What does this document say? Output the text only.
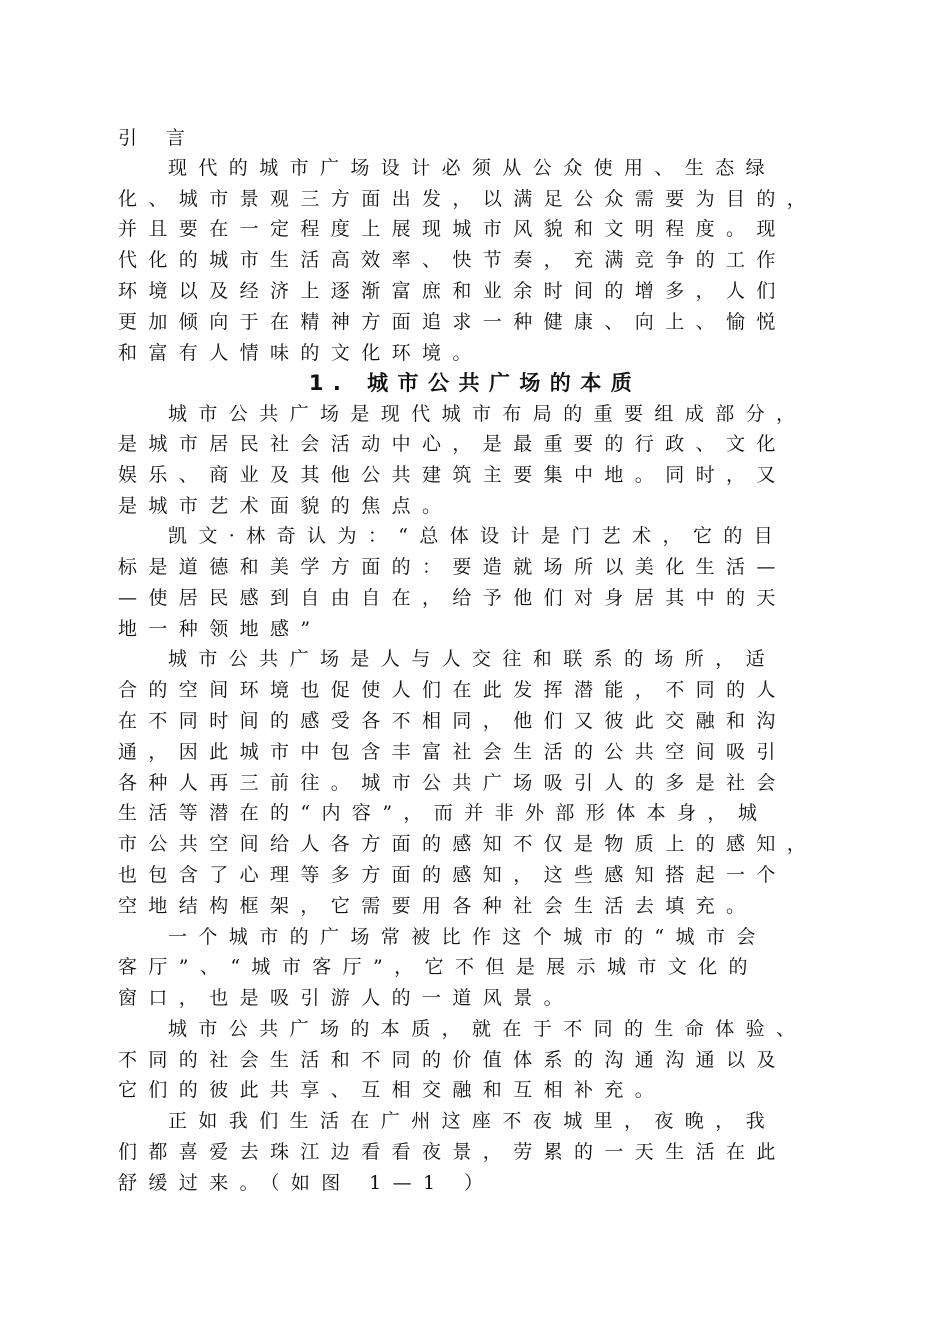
引 言
现代的城市广场设计必须从公众使用、生态绿
化、城市景观三方面出发，以满足公众需要为目的，
并且要在一定程度上展现城市风貌和文明程度。现
代化的城市生活高效率、快节奏，充满竞争的工作
环境以及经济上逐渐富庶和业余时间的增多，人们
更加倾向于在精神方面追求一种健康、向上、愉悦
和富有人情味的文化环境。
1. 城市公共广场的本质
城市公共广场是现代城市布局的重要组成部分，
是城市居民社会活动中心，是最重要的行政、文化
娱乐、商业及其他公共建筑主要集中地。同时，又
是城市艺术面貌的焦点。
凯文·林奇认为：“总体设计是门艺术，它的目
标是道德和美学方面的：要造就场所以美化生活—
—使居民感到自由自在，给予他们对身居其中的天
地一种领地感”
城市公共广场是人与人交往和联系的场所，适
合的空间环境也促使人们在此发挥潜能，不同的人
在不同时间的感受各不相同，他们又彼此交融和沟
通，因此城市中包含丰富社会生活的公共空间吸引
各种人再三前往。城市公共广场吸引人的多是社会
生活等潜在的“内容”，而并非外部形体本身，城
市公共空间给人各方面的感知不仅是物质上的感知，
也包含了心理等多方面的感知，这些感知搭起一个
空地结构框架，它需要用各种社会生活去填充。
一个城市的广场常被比作这个城市的“城市会
客厅”、“城市客厅”，它不但是展示城市文化的
窗口，也是吸引游人的一道风景。
城市公共广场的本质，就在于不同的生命体验、
不同的社会生活和不同的价值体系的沟通沟通以及
它们的彼此共享、互相交融和互相补充。
正如我们生活在广州这座不夜城里，夜晚，我
们都喜爱去珠江边看看夜景，劳累的一天生活在此
舒缓过来。（如图 1—1 ）
